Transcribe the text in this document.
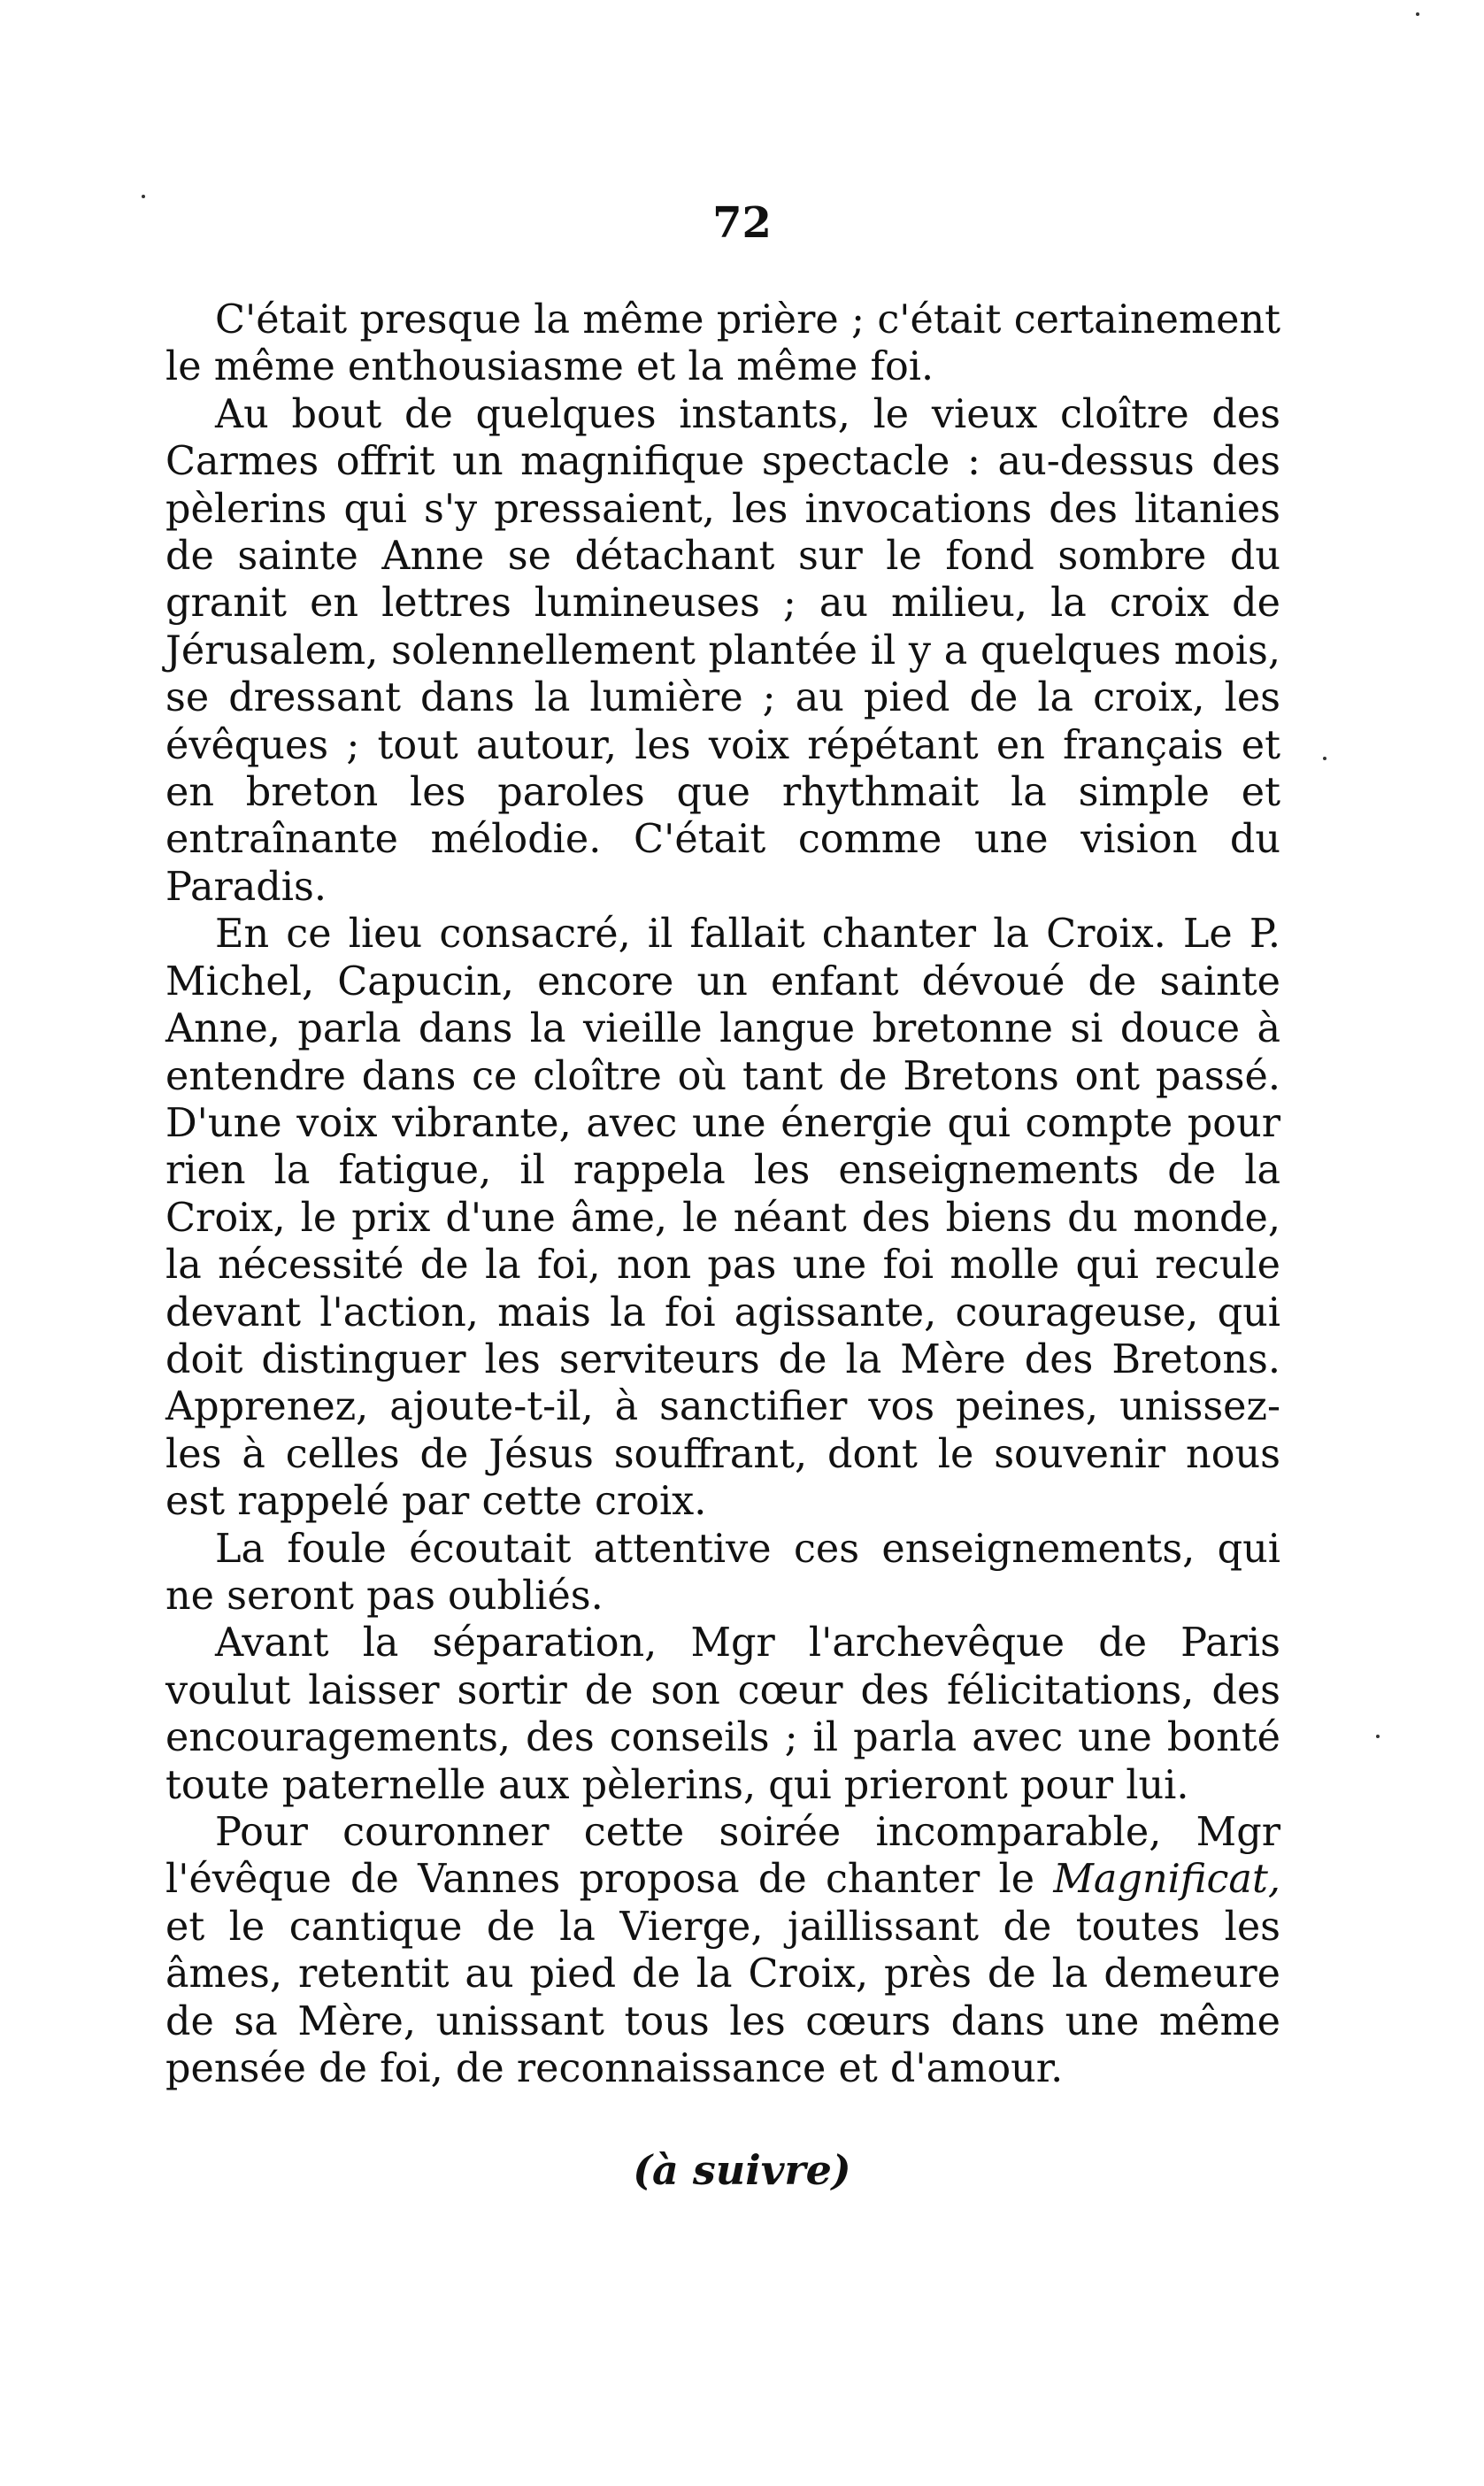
72

C'était presque la même prière ; c'était certainement le même enthousiasme et la même foi.

Au bout de quelques instants, le vieux cloître des Carmes offrit un magnifique spectacle : au-dessus des pèlerins qui s'y pressaient, les invocations des litanies de sainte Anne se détachant sur le fond sombre du granit en lettres lumineuses ; au milieu, la croix de Jérusalem, solennellement plantée il y a quelques mois, se dressant dans la lumière ; au pied de la croix, les évêques ; tout autour, les voix répétant en français et en breton les paroles que rhythmait la simple et entraînante mélodie. C'était comme une vision du Paradis.

En ce lieu consacré, il fallait chanter la Croix. Le P. Michel, Capucin, encore un enfant dévoué de sainte Anne, parla dans la vieille langue bretonne si douce à entendre dans ce cloître où tant de Bretons ont passé. D'une voix vibrante, avec une énergie qui compte pour rien la fatigue, il rappela les enseignements de la Croix, le prix d'une âme, le néant des biens du monde, la nécessité de la foi, non pas une foi molle qui recule devant l'action, mais la foi agissante, courageuse, qui doit distinguer les serviteurs de la Mère des Bretons. Apprenez, ajoute-t-il, à sanctifier vos peines, unissez-les à celles de Jésus souffrant, dont le souvenir nous est rappelé par cette croix.

La foule écoutait attentive ces enseignements, qui ne seront pas oubliés.

Avant la séparation, Mgr l'archevêque de Paris voulut laisser sortir de son cœur des félicitations, des encouragements, des conseils ; il parla avec une bonté toute paternelle aux pèlerins, qui prieront pour lui.

Pour couronner cette soirée incomparable, Mgr l'évêque de Vannes proposa de chanter le Magnificat, et le cantique de la Vierge, jaillissant de toutes les âmes, retentit au pied de la Croix, près de la demeure de sa Mère, unissant tous les cœurs dans une même pensée de foi, de reconnaissance et d'amour.

(à suivre)
